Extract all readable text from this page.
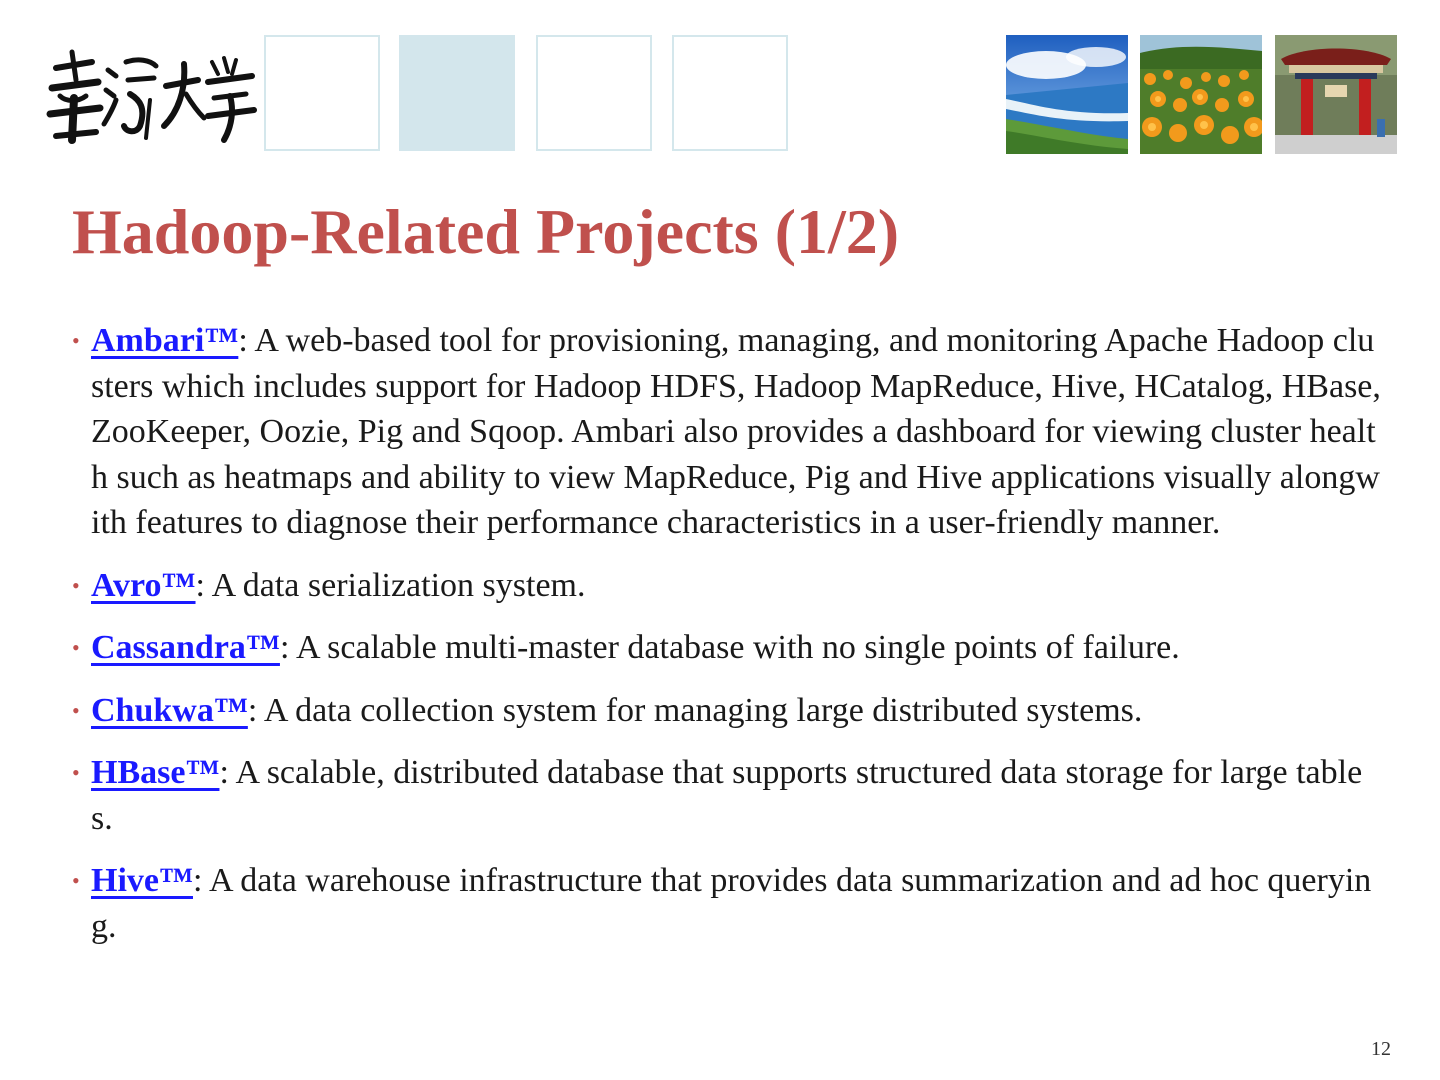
Hadoop-Related Projects (1/2)
• Ambari™: A web-based tool for provisioning, managing, and monitoring Apache Hadoop clusters which includes support for Hadoop HDFS, Hadoop MapReduce, Hive, HCatalog, HBase, ZooKeeper, Oozie, Pig and Sqoop. Ambari also provides a dashboard for viewing cluster health such as heatmaps and ability to view MapReduce, Pig and Hive applications visually alongwith features to diagnose their performance characteristics in a user-friendly manner.
• Avro™: A data serialization system.
• Cassandra™: A scalable multi-master database with no single points of failure.
• Chukwa™: A data collection system for managing large distributed systems.
• HBase™: A scalable, distributed database that supports structured data storage for large tables.
• Hive™: A data warehouse infrastructure that provides data summarization and ad hoc querying.
12
